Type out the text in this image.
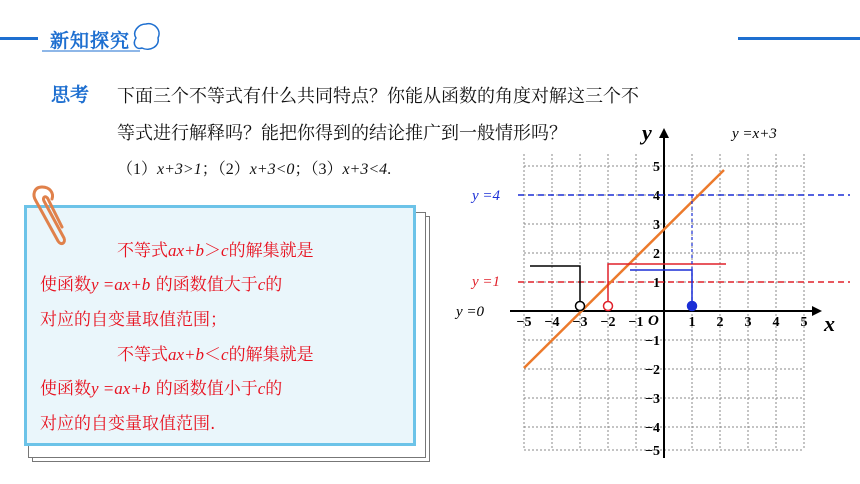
新知探究
思考 下面三个不等式有什么共同特点？你能从函数的角度对解这三个不
等式进行解释吗？能把你得到的结论推广到一般情形吗？
（1）x+3>1；（2）x+3<0；（3）x+3<4.
不等式ax+b＞c的解集就是
使函数y =ax+b 的函数值大于c的
对应的自变量取值范围；
不等式ax+b＜c的解集就是
使函数y =ax+b 的函数值小于c的
对应的自变量取值范围.
x
y
O
−5 −4 −3 −2 −1	1 2 3 4 5
5
4
3
2
1
−1
−2
−3
−4
−5
y =4
y =1
y =0
y =x+3
